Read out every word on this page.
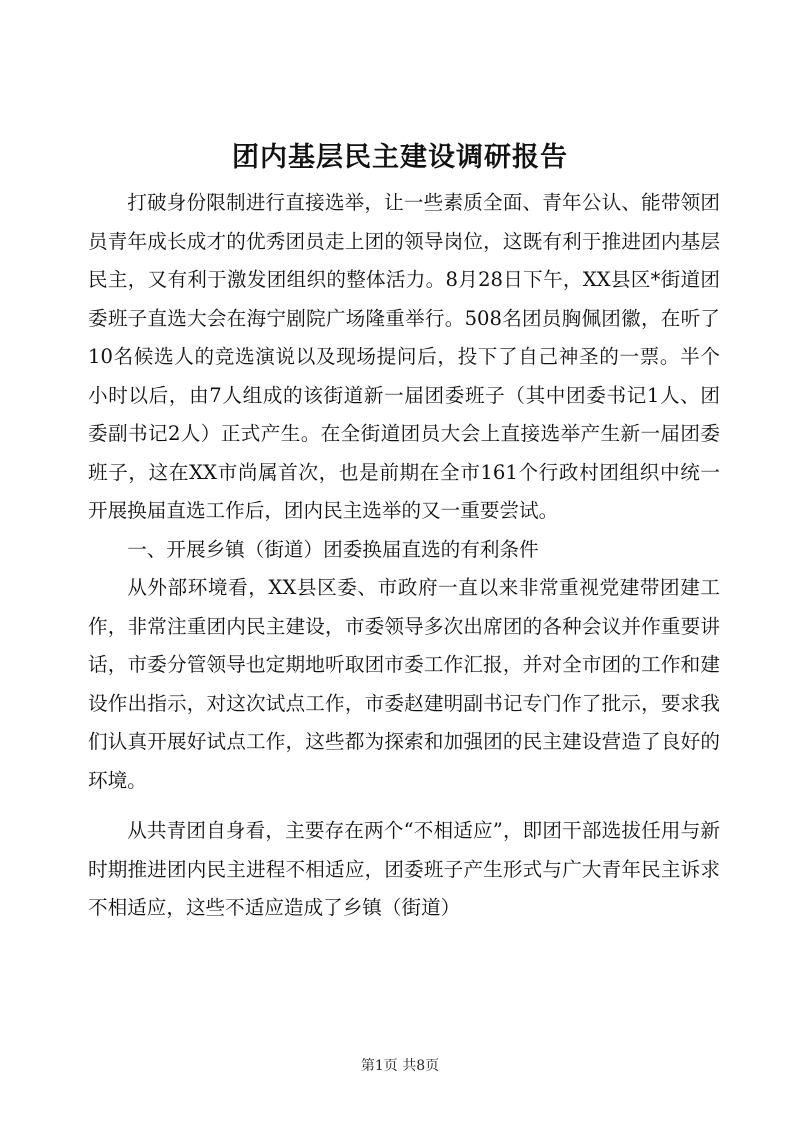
团内基层民主建设调研报告

打破身份限制进行直接选举，让一些素质全面、青年公认、能带领团员青年成长成才的优秀团员走上团的领导岗位，这既有利于推进团内基层民主，又有利于激发团组织的整体活力。8月28日下午，XX县区*街道团委班子直选大会在海宁剧院广场隆重举行。508名团员胸佩团徽，在听了10名候选人的竞选演说以及现场提问后，投下了自己神圣的一票。半个小时以后，由7人组成的该街道新一届团委班子（其中团委书记1人、团委副书记2人）正式产生。在全街道团员大会上直接选举产生新一届团委班子，这在XX市尚属首次，也是前期在全市161个行政村团组织中统一开展换届直选工作后，团内民主选举的又一重要尝试。

一、开展乡镇（街道）团委换届直选的有利条件

从外部环境看，XX县区委、市政府一直以来非常重视党建带团建工作，非常注重团内民主建设，市委领导多次出席团的各种会议并作重要讲话，市委分管领导也定期地听取团市委工作汇报，并对全市团的工作和建设作出指示，对这次试点工作，市委赵建明副书记专门作了批示，要求我们认真开展好试点工作，这些都为探索和加强团的民主建设营造了良好的环境。

从共青团自身看，主要存在两个“不相适应”，即团干部选拔任用与新时期推进团内民主进程不相适应，团委班子产生形式与广大青年民主诉求不相适应，这些不适应造成了乡镇（街道）

第1页 共8页
